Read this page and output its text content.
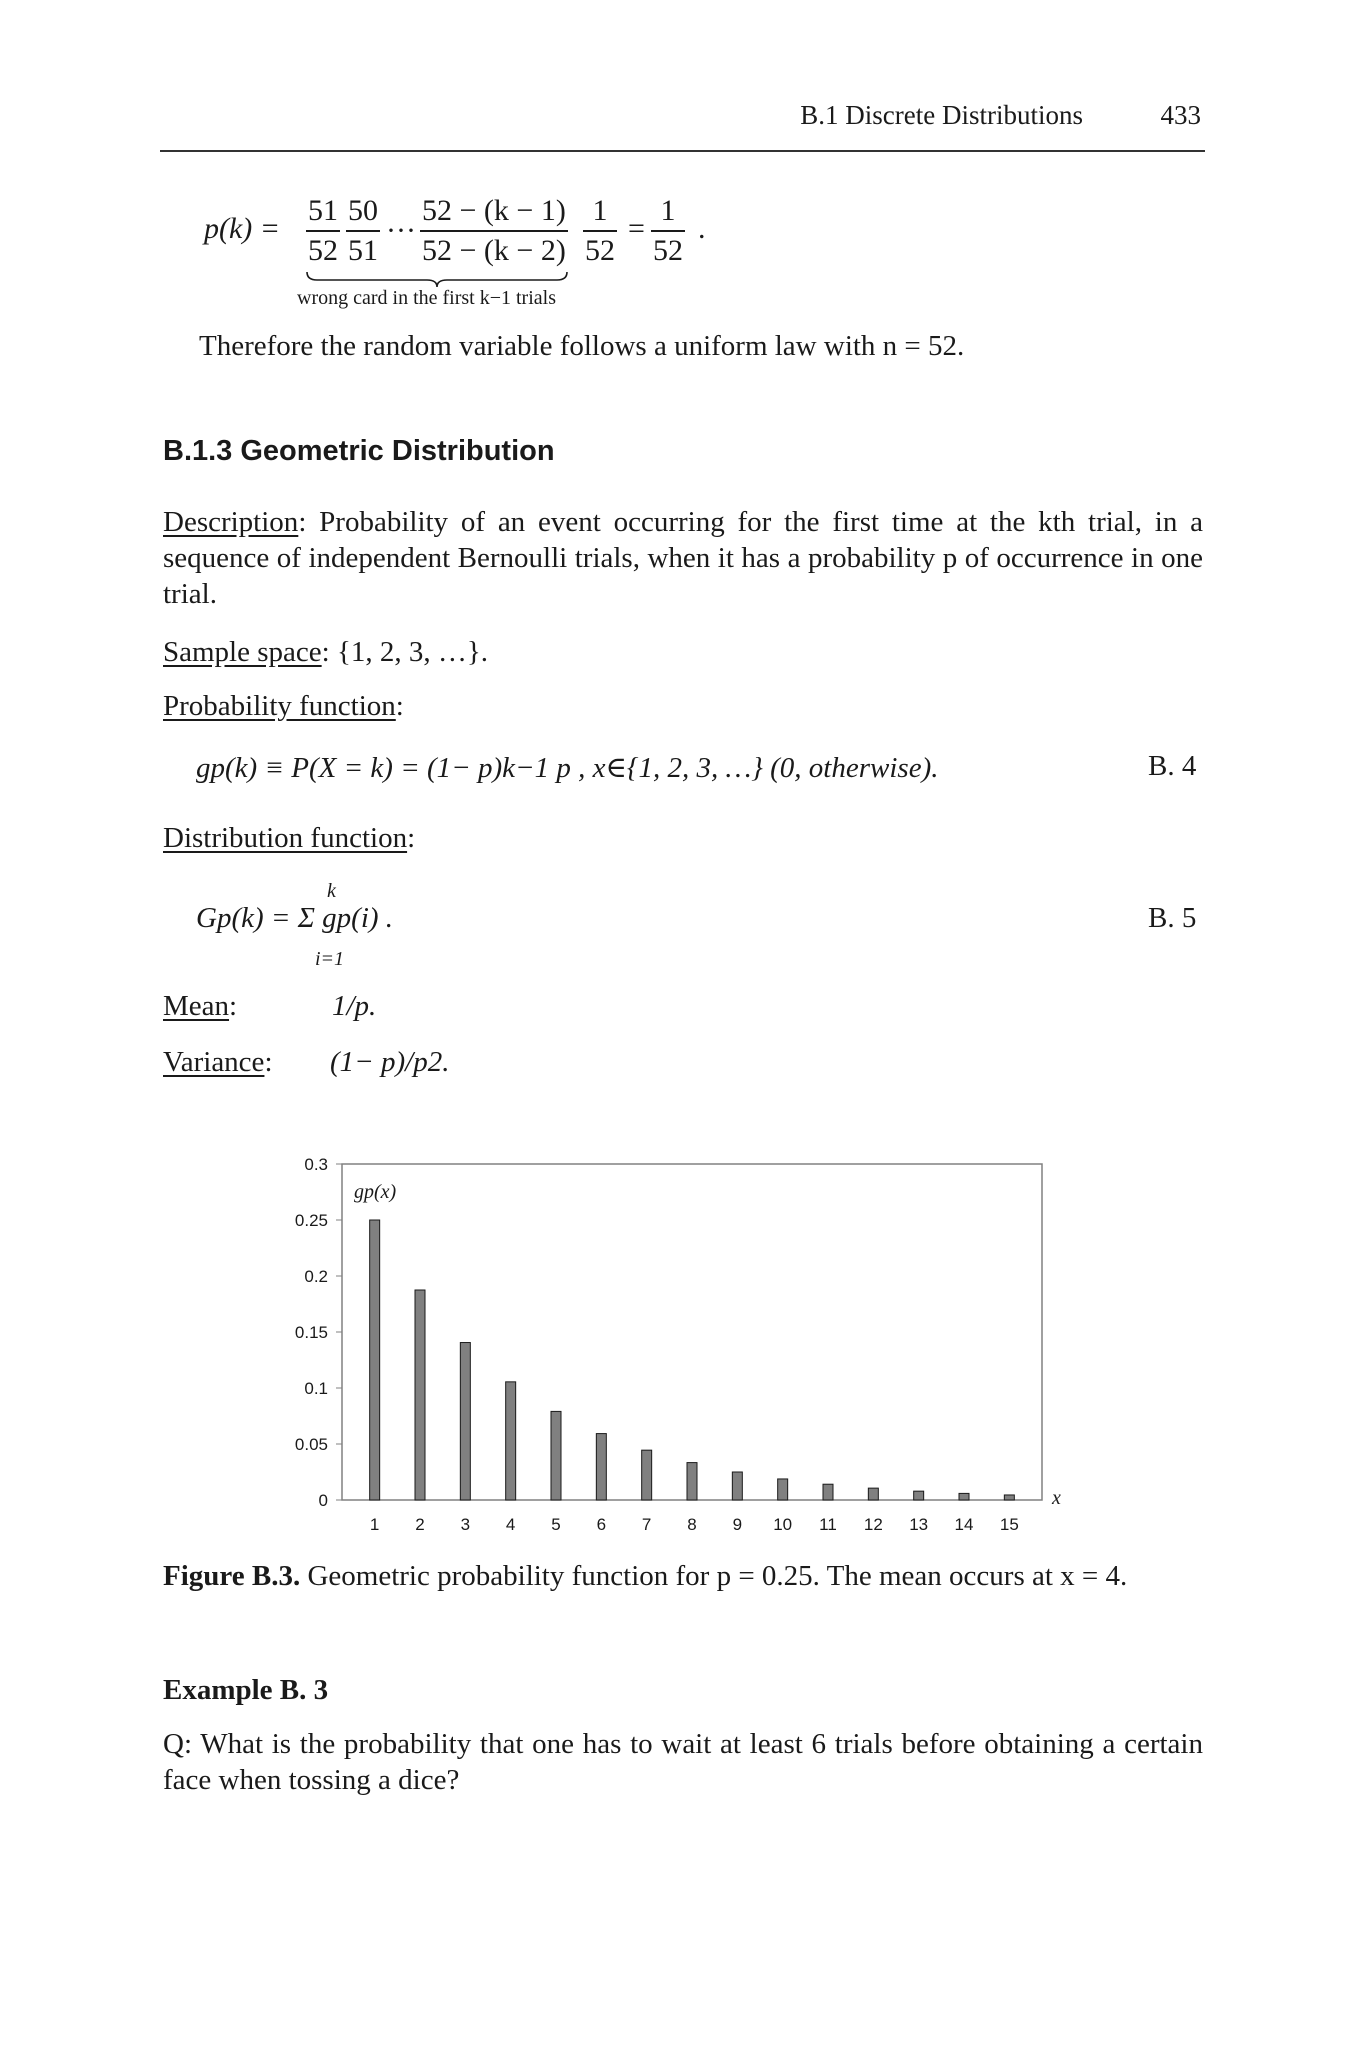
B.1 Discrete Distributions	433
p(k) =
51
52
50
51
···
52 − (k − 1)
52 − (k − 2)
1
52
=
1
52
.
wrong card in the first k−1 trials

Therefore the random variable follows a uniform law with n = 52.

B.1.3 Geometric Distribution

Description: Probability of an event occurring for the first time at the kth trial, in a sequence of independent Bernoulli trials, when it has a probability p of occurrence in one trial.

Sample space: {1, 2, 3, …}.

Probability function:

gp(k) ≡ P(X = k) = (1− p)k−1 p , x∈{1, 2, 3, …} (0, otherwise).	B. 4

Distribution function:

k
Gp(k) = Σ gp(i) .
i=1
B. 5

Mean:	1/p.

Variance: (1− p)/p2.
0
0.05
0.1
0.15
0.2
0.25
0.3
gp(x)
1 2 3 4 5 6 7 8 9 10 11 12 13 14 15
x

Figure B.3. Geometric probability function for p = 0.25. The mean occurs at x = 4.

Example B. 3

Q: What is the probability that one has to wait at least 6 trials before obtaining a certain face when tossing a dice?
